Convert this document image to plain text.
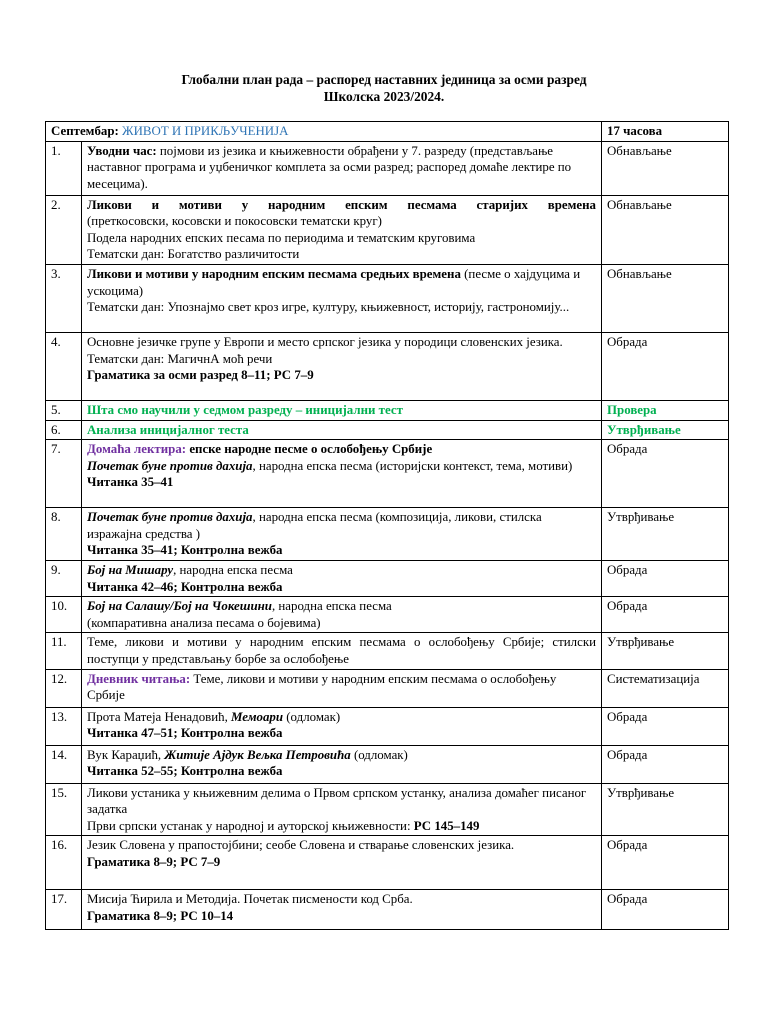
Глобални план рада – распоред наставних јединица за осми разред
Школска 2023/2024.
Септембар: ЖИВОТ И ПРИКЉУЧЕНИЈА		17 часова
1.	Уводни час: појмови из језика и књижевности обрађени у 7. разреду (представљање наставног програма и уџбеничког комплета за осми разред; распоред домаће лектире по месецима).	Обнављање
2.	Ликови и мотиви у народним епским песмама старијих времена
(преткосовски, косовски и покосовски тематски круг)
Подела народних епских песама по периодима и тематским круговима
Тематски дан: Богатство различитости	Обнављање
3.	Ликови и мотиви у народним епским песмама средњих времена (песме о хајдуцима и ускоцима)
Тематски дан: Упознајмо свет кроз игре, културу, књижевност, историју, гастрономију...	Обнављање
4.	Основне језичке групе у Европи и место српског језика у породици словенских језика.
Тематски дан: МагичнА моћ речи
Граматика за осми разред 8–11; РС 7–9	Обрада
5.	Шта смо научили у седмом разреду – иницијални тест	Провера
6.	Анализа иницијалног теста	Утврђивање
7.	Домаћа лектира: епске народне песме о ослобођењу Србије
Почетак буне против дахија, народна епска песма (историјски контекст, тема, мотиви)
Читанка 35–41	Обрада
8.	Почетак буне против дахија, народна епска песма (композиција, ликови, стилска изражајна средства )
Читанка 35–41; Контролна вежба	Утврђивање
9.	Бој на Мишару, народна епска песма
Читанка 42–46; Контролна вежба	Обрада
10.	Бој на Салашу/Бој на Чокешини, народна епска песма
(компаративна анализа песама о бојевима)	Обрада
11.	Теме, ликови и мотиви у народним епским песмама о ослобођењу Србије; стилски поступци у представљању борбе за ослобођење	Утврђивање
12.	Дневник читања: Теме, ликови и мотиви у народним епским песмама о ослобођењу Србије	Систематизација
13.	Прота Матеја Ненадовић, Мемоари (одломак)
Читанка 47–51; Контролна вежба	Обрада
14.	Вук Караџић, Житије Ајдук Вељка Петровића (одломак)
Читанка 52–55; Контролна вежба	Обрада
15.	Ликови устаника у књижевним делима о Првом српском устанку, анализа домаћег писаног задатка
Први српски устанак у народној и ауторској књижевности: РС 145–149	Утврђивање
16.	Језик Словена у прапостојбини; сеобе Словена и стварање словенских језика.
Граматика 8–9; РС 7–9	Обрада
17.	Мисија Ћирила и Методија. Почетак писмености код Срба.
Граматика 8–9; РС 10–14	Обрада
